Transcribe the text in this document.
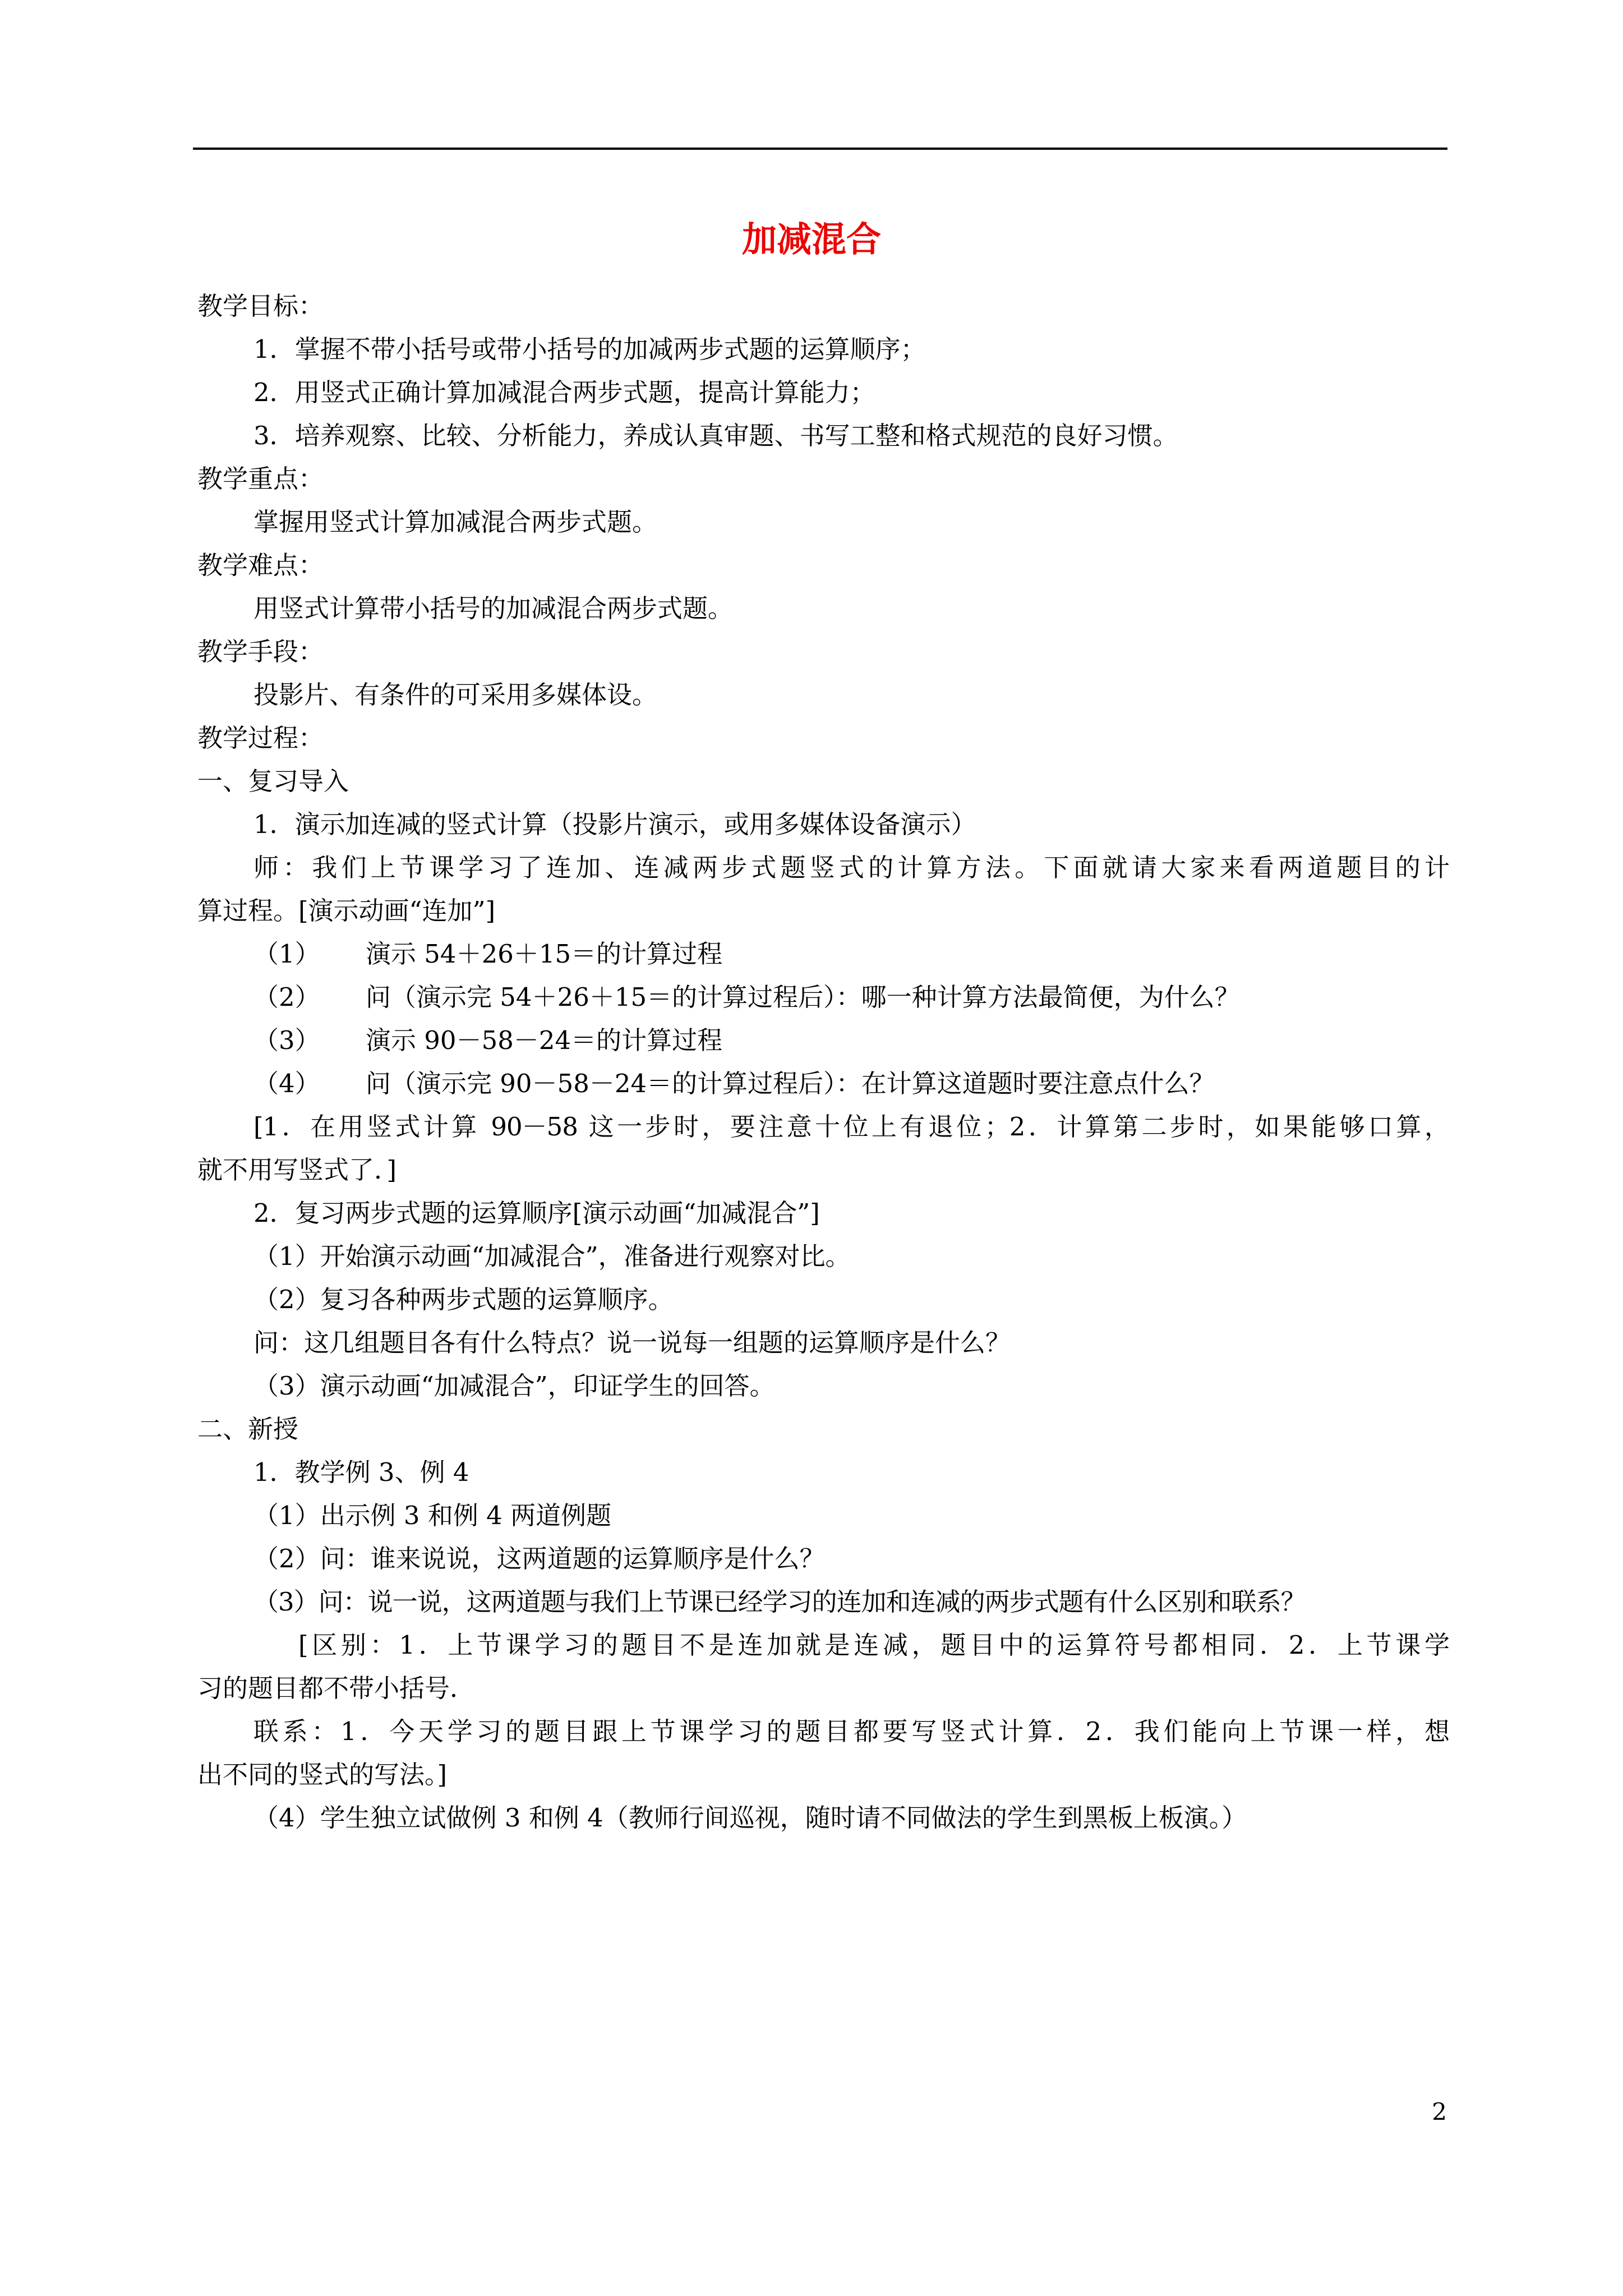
加减混合
教学目标：
1．掌握不带小括号或带小括号的加减两步式题的运算顺序；
2．用竖式正确计算加减混合两步式题，提高计算能力；
3．培养观察、比较、分析能力，养成认真审题、书写工整和格式规范的良好习惯。
教学重点：
掌握用竖式计算加减混合两步式题。
教学难点：
用竖式计算带小括号的加减混合两步式题。
教学手段：
投影片、有条件的可采用多媒体设。
教学过程：
一、复习导入
1．演示加连减的竖式计算（投影片演示，或用多媒体设备演示）
师：我们上节课学习了连加、连减两步式题竖式的计算方法。下面就请大家来看两道题目的计
算过程。[演示动画“连加”]
（1） 演示 54＋26＋15＝的计算过程
（2） 问（演示完 54＋26＋15＝的计算过程后）：哪一种计算方法最简便，为什么？
（3） 演示 90－58－24＝的计算过程
（4） 问（演示完 90－58－24＝的计算过程后）：在计算这道题时要注意点什么？
[1．在用竖式计算 90－58 这一步时，要注意十位上有退位；2．计算第二步时，如果能够口算，
就不用写竖式了．]
2．复习两步式题的运算顺序[演示动画“加减混合”]
（1）开始演示动画“加减混合”，准备进行观察对比。
（2）复习各种两步式题的运算顺序。
问：这几组题目各有什么特点？说一说每一组题的运算顺序是什么？
（3）演示动画“加减混合”，印证学生的回答。
二、新授
1．教学例 3、例 4
（1）出示例 3 和例 4 两道例题
（2）问：谁来说说，这两道题的运算顺序是什么？
（3）问：说一说，这两道题与我们上节课已经学习的连加和连减的两步式题有什么区别和联系？
[区别：1．上节课学习的题目不是连加就是连减，题目中的运算符号都相同．2．上节课学
习的题目都不带小括号．
联系：1．今天学习的题目跟上节课学习的题目都要写竖式计算．2．我们能向上节课一样，想
出不同的竖式的写法。]
（4）学生独立试做例 3 和例 4（教师行间巡视，随时请不同做法的学生到黑板上板演。）
2
